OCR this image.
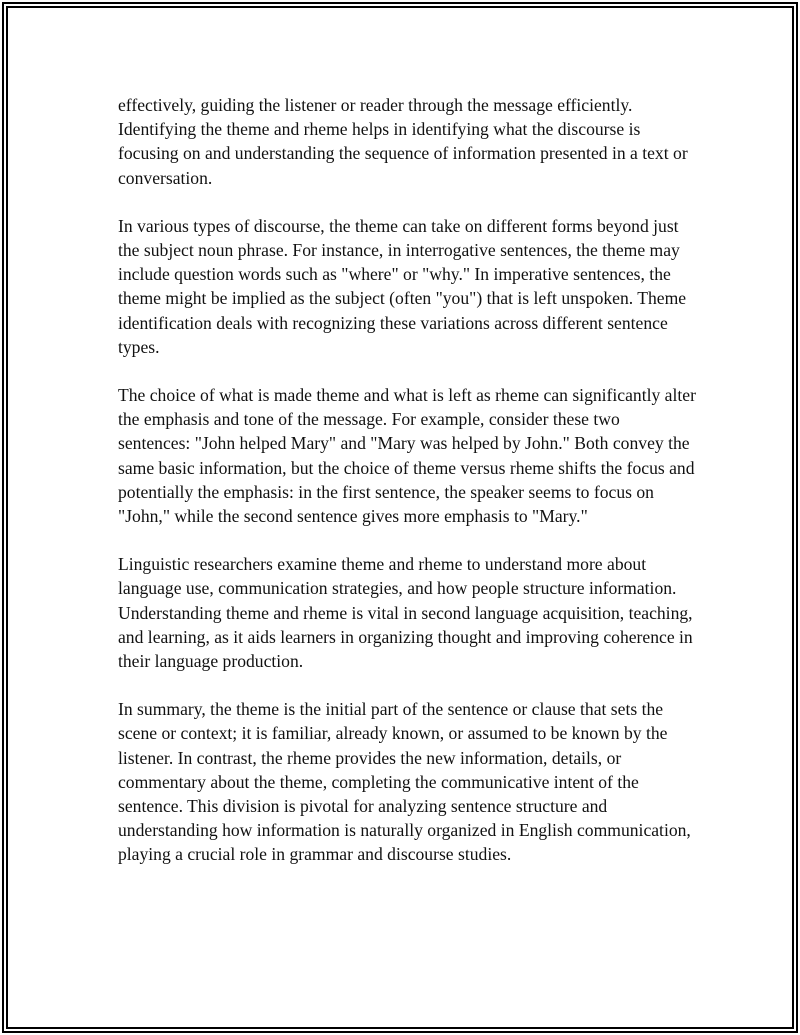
effectively, guiding the listener or reader through the message efficiently. Identifying the theme and rheme helps in identifying what the discourse is focusing on and understanding the sequence of information presented in a text or conversation.

In various types of discourse, the theme can take on different forms beyond just the subject noun phrase. For instance, in interrogative sentences, the theme may include question words such as "where" or "why." In imperative sentences, the theme might be implied as the subject (often "you") that is left unspoken. Theme identification deals with recognizing these variations across different sentence types.

The choice of what is made theme and what is left as rheme can significantly alter the emphasis and tone of the message. For example, consider these two sentences: "John helped Mary" and "Mary was helped by John." Both convey the same basic information, but the choice of theme versus rheme shifts the focus and potentially the emphasis: in the first sentence, the speaker seems to focus on "John," while the second sentence gives more emphasis to "Mary."

Linguistic researchers examine theme and rheme to understand more about language use, communication strategies, and how people structure information. Understanding theme and rheme is vital in second language acquisition, teaching, and learning, as it aids learners in organizing thought and improving coherence in their language production.

In summary, the theme is the initial part of the sentence or clause that sets the scene or context; it is familiar, already known, or assumed to be known by the listener. In contrast, the rheme provides the new information, details, or commentary about the theme, completing the communicative intent of the sentence. This division is pivotal for analyzing sentence structure and understanding how information is naturally organized in English communication, playing a crucial role in grammar and discourse studies.
